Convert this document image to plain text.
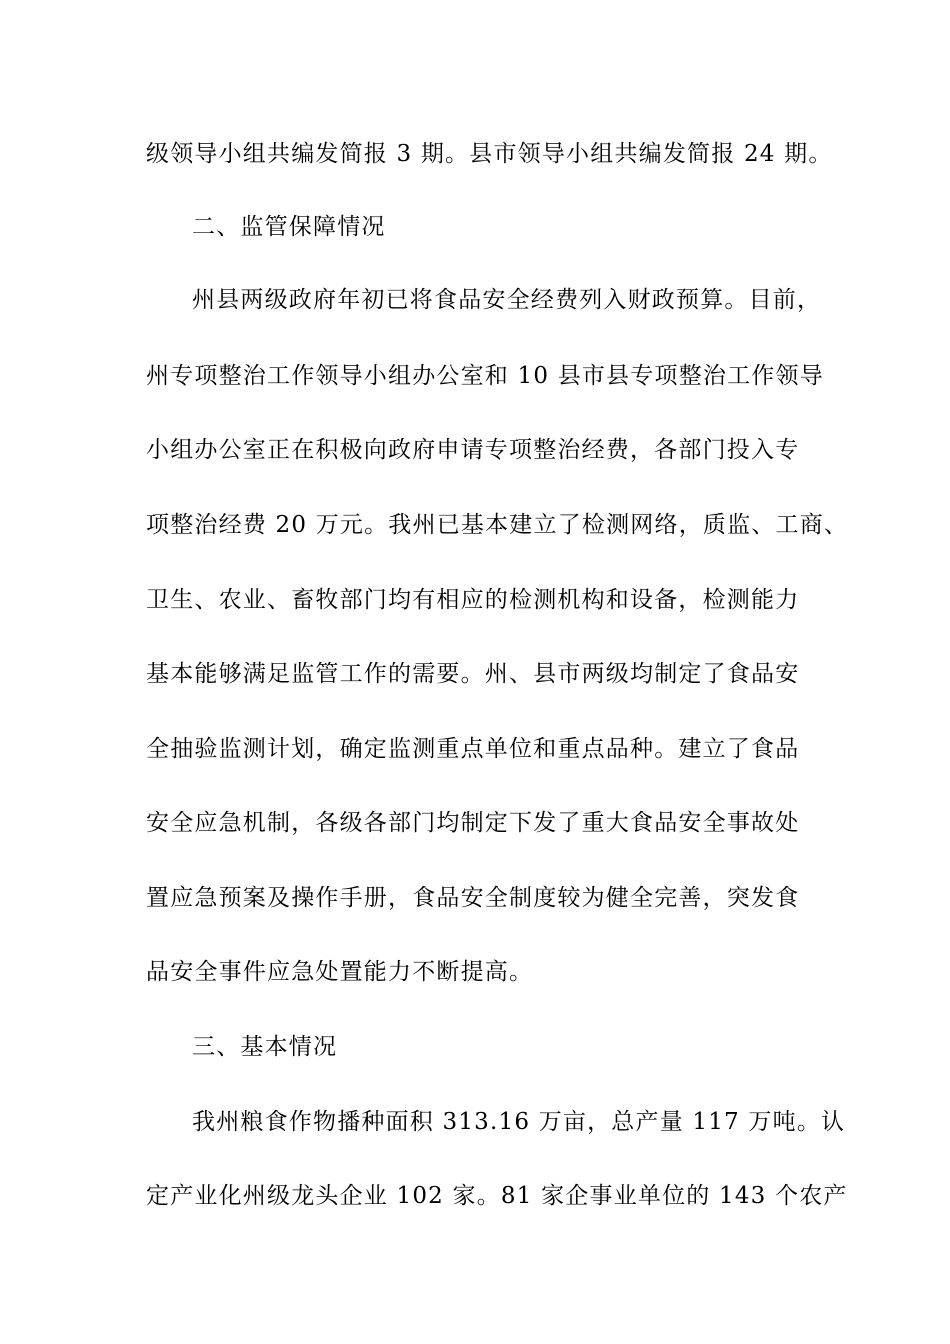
级领导小组共编发简报 3 期。县市领导小组共编发简报 24 期。
二、监管保障情况
州县两级政府年初已将食品安全经费列入财政预算。目前，
州专项整治工作领导小组办公室和 10 县市县专项整治工作领导
小组办公室正在积极向政府申请专项整治经费，各部门投入专
项整治经费 20 万元。我州已基本建立了检测网络，质监、工商、
卫生、农业、畜牧部门均有相应的检测机构和设备，检测能力
基本能够满足监管工作的需要。州、县市两级均制定了食品安
全抽验监测计划，确定监测重点单位和重点品种。建立了食品
安全应急机制，各级各部门均制定下发了重大食品安全事故处
置应急预案及操作手册，食品安全制度较为健全完善，突发食
品安全事件应急处置能力不断提高。
三、基本情况
我州粮食作物播种面积 313.16 万亩，总产量 117 万吨。认
定产业化州级龙头企业 102 家。81 家企事业单位的 143 个农产
